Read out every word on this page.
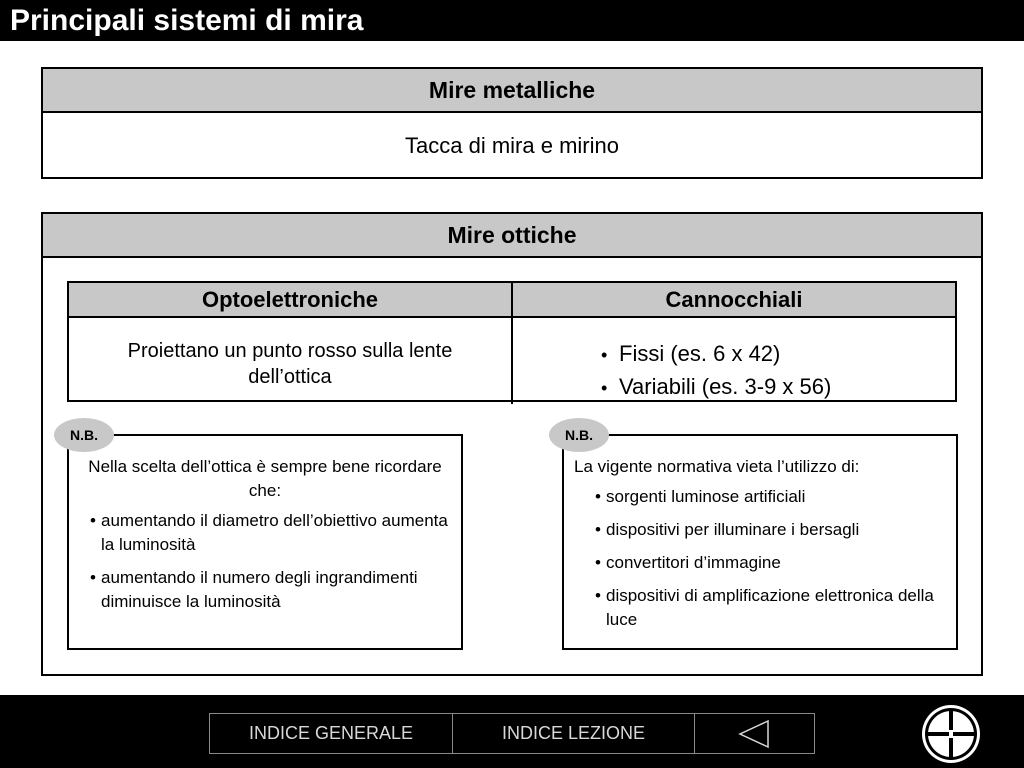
Principali sistemi di mira
Mire metalliche
Tacca di mira e mirino
Mire ottiche
Optoelettroniche	Cannocchiali
Proiettano un punto rosso sulla lente dell’ottica
• Fissi (es. 6 x 42)
• Variabili (es. 3-9 x 56)
Nella scelta dell’ottica è sempre bene ricordare che:
• aumentando il diametro dell’obiettivo aumenta la luminosità
• aumentando il numero degli ingrandimenti diminuisce la luminosità
N.B.
La vigente normativa vieta l’utilizzo di:
• sorgenti luminose artificiali
• dispositivi per illuminare i bersagli
• convertitori d’immagine
• dispositivi di amplificazione elettronica della luce
N.B.
INDICE GENERALE	INDICE LEZIONE
